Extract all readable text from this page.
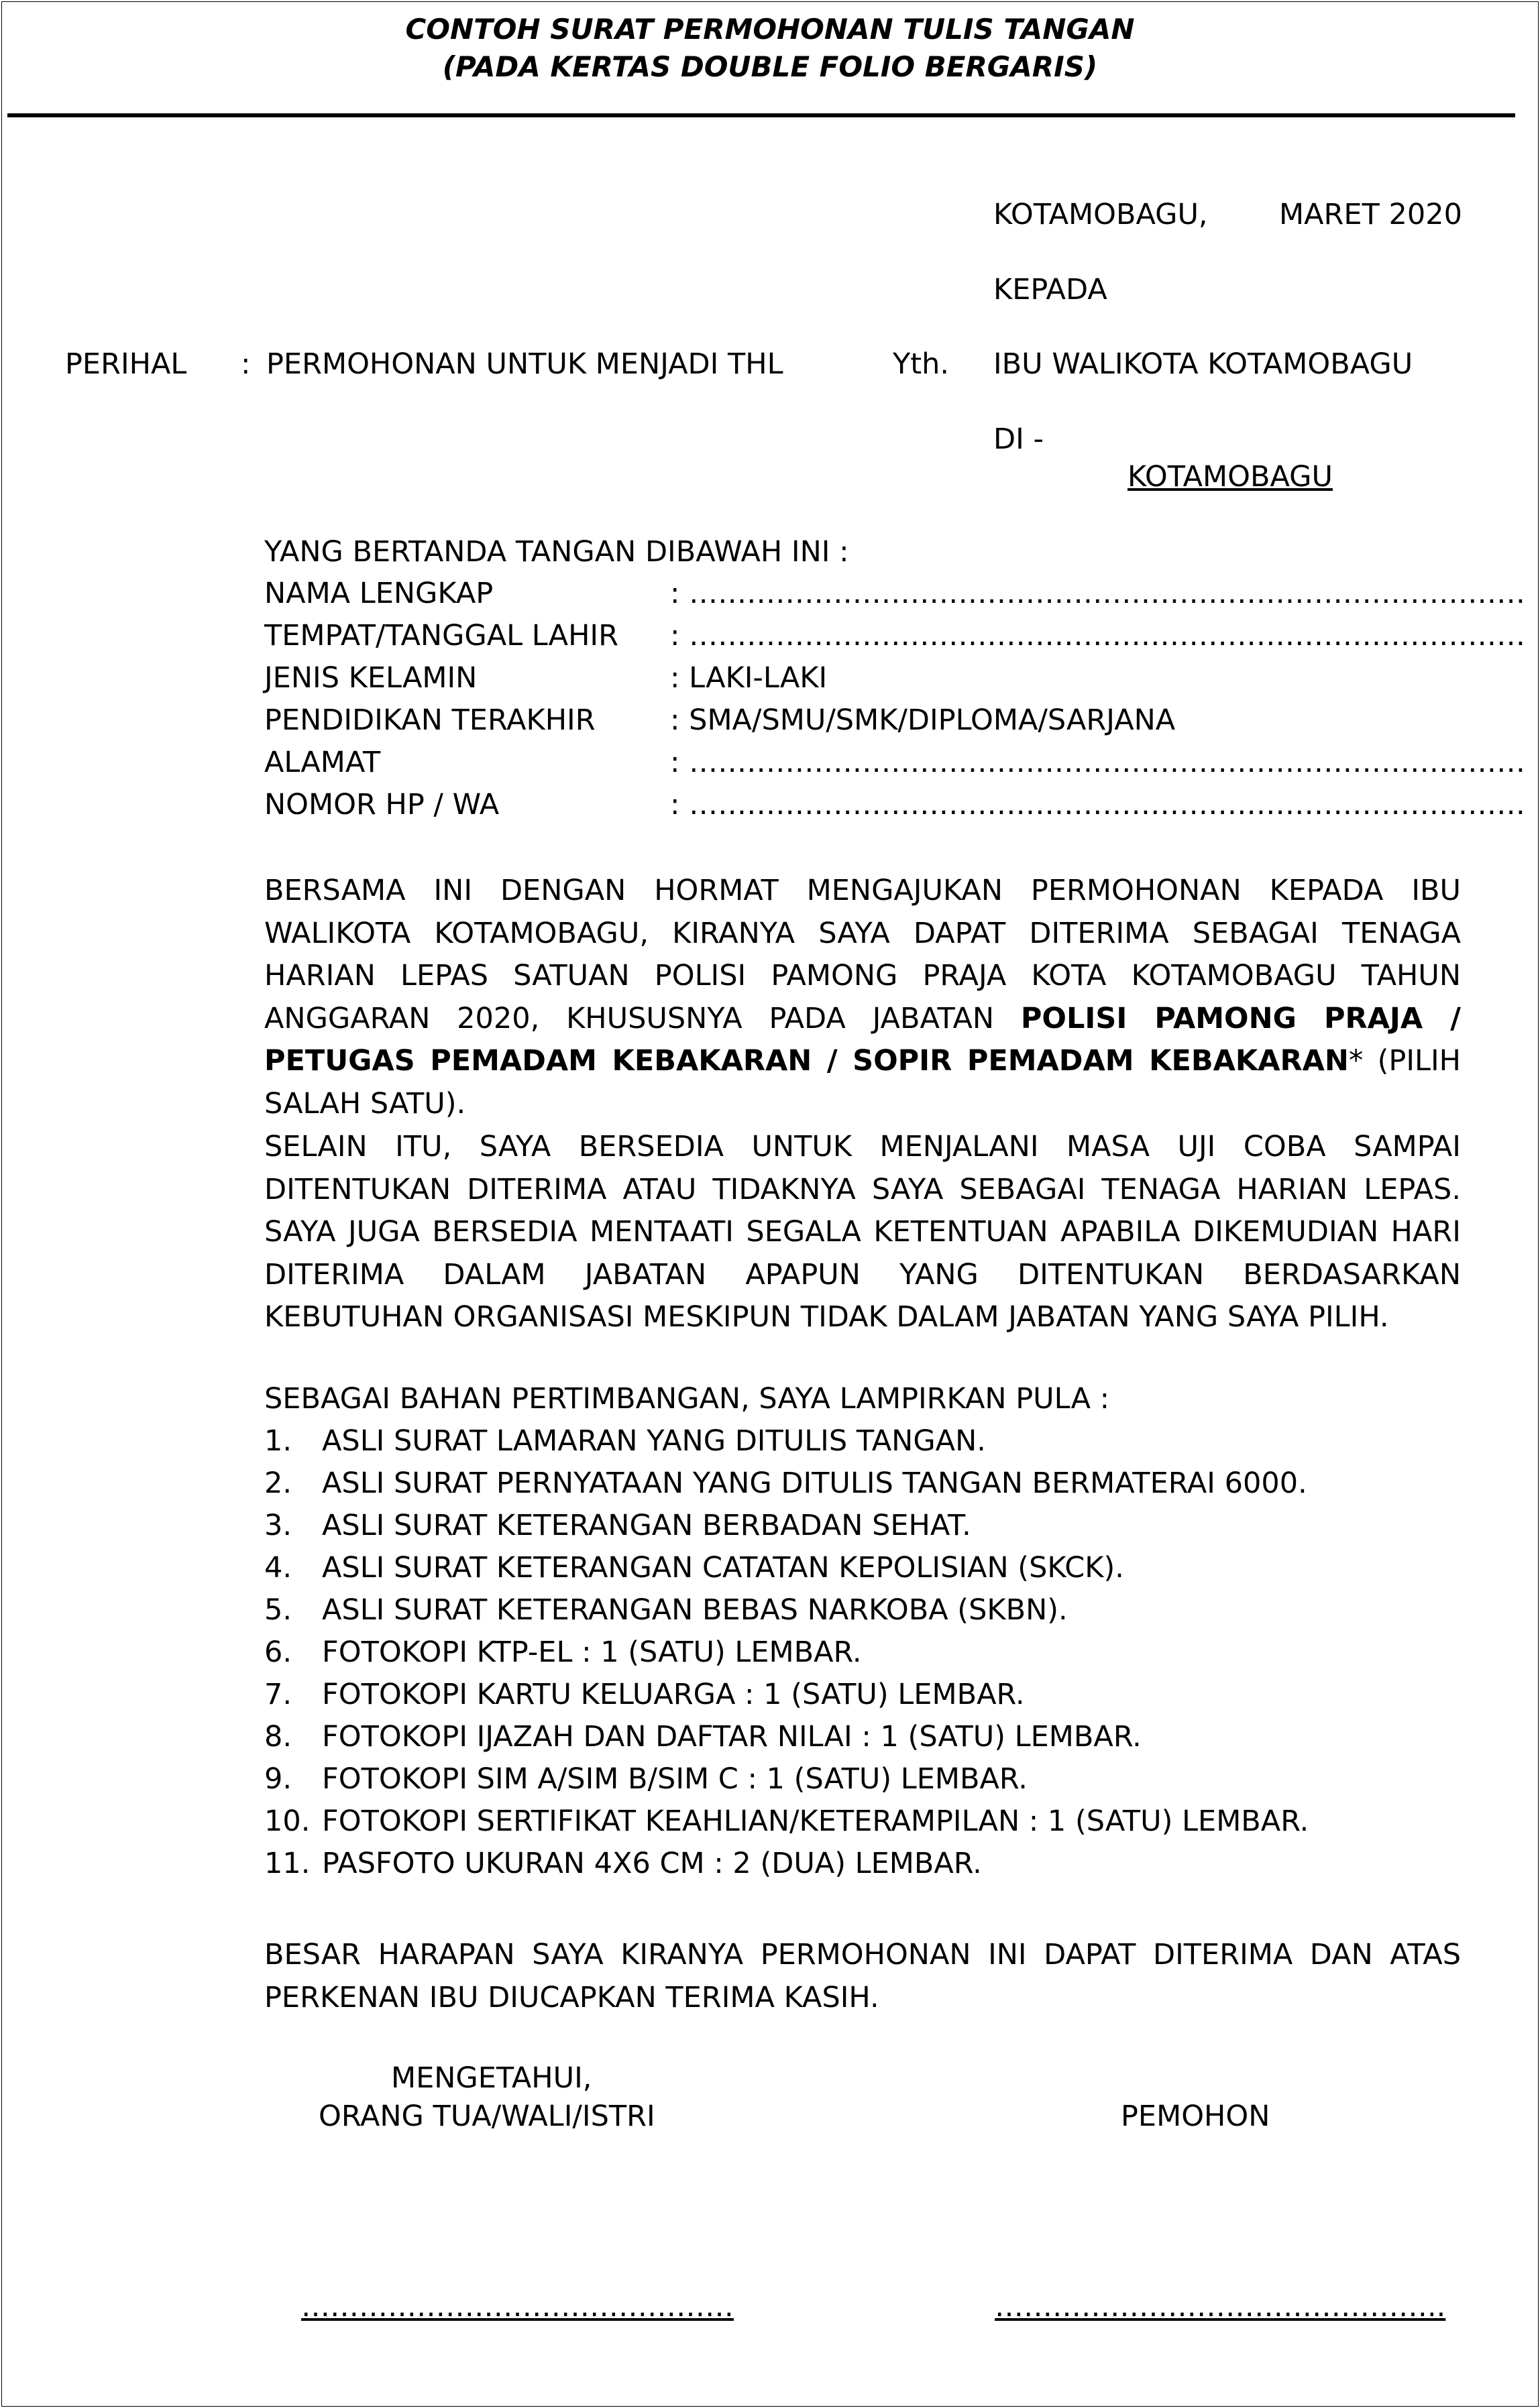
CONTOH SURAT PERMOHONAN TULIS TANGAN
(PADA KERTAS DOUBLE FOLIO BERGARIS)
KOTAMOBAGU, MARET 2020
KEPADA
PERIHAL : PERMOHONAN UNTUK MENJADI THL	Yth. IBU WALIKOTA KOTAMOBAGU
DI -
KOTAMOBAGU
YANG BERTANDA TANGAN DIBAWAH INI :
NAMA LENGKAP	: ……………………………………………………………………………
TEMPAT/TANGGAL LAHIR : ……………………………………………………………………………
JENIS KELAMIN	: LAKI-LAKI
PENDIDIKAN TERAKHIR	: SMA/SMU/SMK/DIPLOMA/SARJANA
ALAMAT	: ……………………………………………………………………………
NOMOR HP / WA	: ……………………………………………………………………………
BERSAMA INI DENGAN HORMAT MENGAJUKAN PERMOHONAN KEPADA IBU WALIKOTA KOTAMOBAGU, KIRANYA SAYA DAPAT DITERIMA SEBAGAI TENAGA HARIAN LEPAS SATUAN POLISI PAMONG PRAJA KOTA KOTAMOBAGU TAHUN ANGGARAN 2020, KHUSUSNYA PADA JABATAN POLISI PAMONG PRAJA / PETUGAS PEMADAM KEBAKARAN / SOPIR PEMADAM KEBAKARAN* (PILIH SALAH SATU).
SELAIN ITU, SAYA BERSEDIA UNTUK MENJALANI MASA UJI COBA SAMPAI DITENTUKAN DITERIMA ATAU TIDAKNYA SAYA SEBAGAI TENAGA HARIAN LEPAS. SAYA JUGA BERSEDIA MENTAATI SEGALA KETENTUAN APABILA DIKEMUDIAN HARI DITERIMA DALAM JABATAN APAPUN YANG DITENTUKAN BERDASARKAN KEBUTUHAN ORGANISASI MESKIPUN TIDAK DALAM JABATAN YANG SAYA PILIH.
SEBAGAI BAHAN PERTIMBANGAN, SAYA LAMPIRKAN PULA :
1. ASLI SURAT LAMARAN YANG DITULIS TANGAN.
2. ASLI SURAT PERNYATAAN YANG DITULIS TANGAN BERMATERAI 6000.
3. ASLI SURAT KETERANGAN BERBADAN SEHAT.
4. ASLI SURAT KETERANGAN CATATAN KEPOLISIAN (SKCK).
5. ASLI SURAT KETERANGAN BEBAS NARKOBA (SKBN).
6. FOTOKOPI KTP-EL : 1 (SATU) LEMBAR.
7. FOTOKOPI KARTU KELUARGA : 1 (SATU) LEMBAR.
8. FOTOKOPI IJAZAH DAN DAFTAR NILAI : 1 (SATU) LEMBAR.
9. FOTOKOPI SIM A/SIM B/SIM C : 1 (SATU) LEMBAR.
10. FOTOKOPI SERTIFIKAT KEAHLIAN/KETERAMPILAN : 1 (SATU) LEMBAR.
11. PASFOTO UKURAN 4X6 CM : 2 (DUA) LEMBAR.
BESAR HARAPAN SAYA KIRANYA PERMOHONAN INI DAPAT DITERIMA DAN ATAS PERKENAN IBU DIUCAPKAN TERIMA KASIH.
MENGETAHUI,
ORANG TUA/WALI/ISTRI	PEMOHON
………………………………………	………………………………………..
